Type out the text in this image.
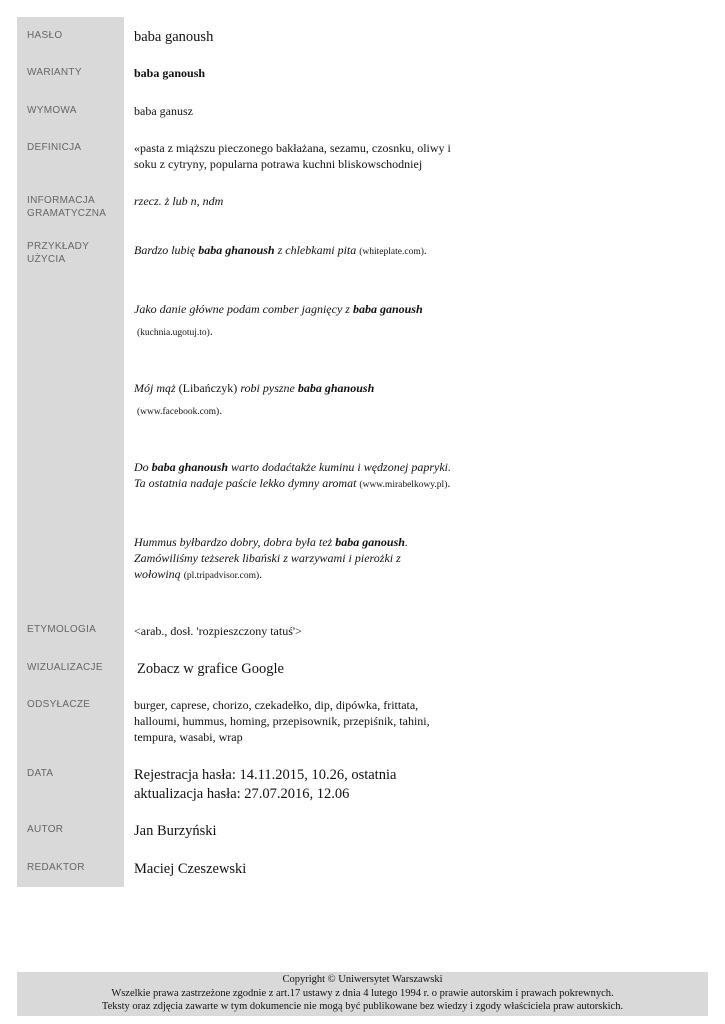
HASŁO
WARIANTY
WYMOWA
DEFINICJA
INFORMACJA
GRAMATYCZNA
PRZYKŁADY
UŻYCIA
ETYMOLOGIA
WIZUALIZACJE
ODSYŁACZE
DATA
AUTOR
REDAKTOR
baba ganoush
baba ganoush
baba ganusz
«pasta z miąższu pieczonego bakłażana, sezamu, czosnku, oliwy i
soku z cytryny, popularna potrawa kuchni bliskowschodniej
rzecz. ż lub n, ndm
Bardzo lubię baba ghanoush z chlebkami pita (whiteplate.com).
Jako danie główne podam comber jagnięcy z baba ganoush
(kuchnia.ugotuj.to).
Mój mąż (Libańczyk) robi pyszne baba ghanoush
(www.facebook.com).
Do baba ghanoush warto dodaćtakże kuminu i wędzonej papryki.
Ta ostatnia nadaje paście lekko dymny aromat (www.mirabelkowy.pl).
Hummus byłbardzo dobry, dobra była też baba ganoush.
Zamówiliśmy teżserek libański z warzywami i pierożki z
wołowiną (pl.tripadvisor.com).
<arab., dosł. 'rozpieszczony tatuś'>
Zobacz w grafice Google
burger, caprese, chorizo, czekadełko, dip, dipówka, frittata,
halloumi, hummus, homing, przepisownik, przepiśnik, tahini,
tempura, wasabi, wrap
Rejestracja hasła: 14.11.2015, 10.26, ostatnia
aktualizacja hasła: 27.07.2016, 12.06
Jan Burzyński
Maciej Czeszewski
Copyright © Uniwersytet Warszawski
Wszelkie prawa zastrzeżone zgodnie z art.17 ustawy z dnia 4 lutego 1994 r. o prawie autorskim i prawach pokrewnych.
Teksty oraz zdjęcia zawarte w tym dokumencie nie mogą być publikowane bez wiedzy i zgody właściciela praw autorskich.
